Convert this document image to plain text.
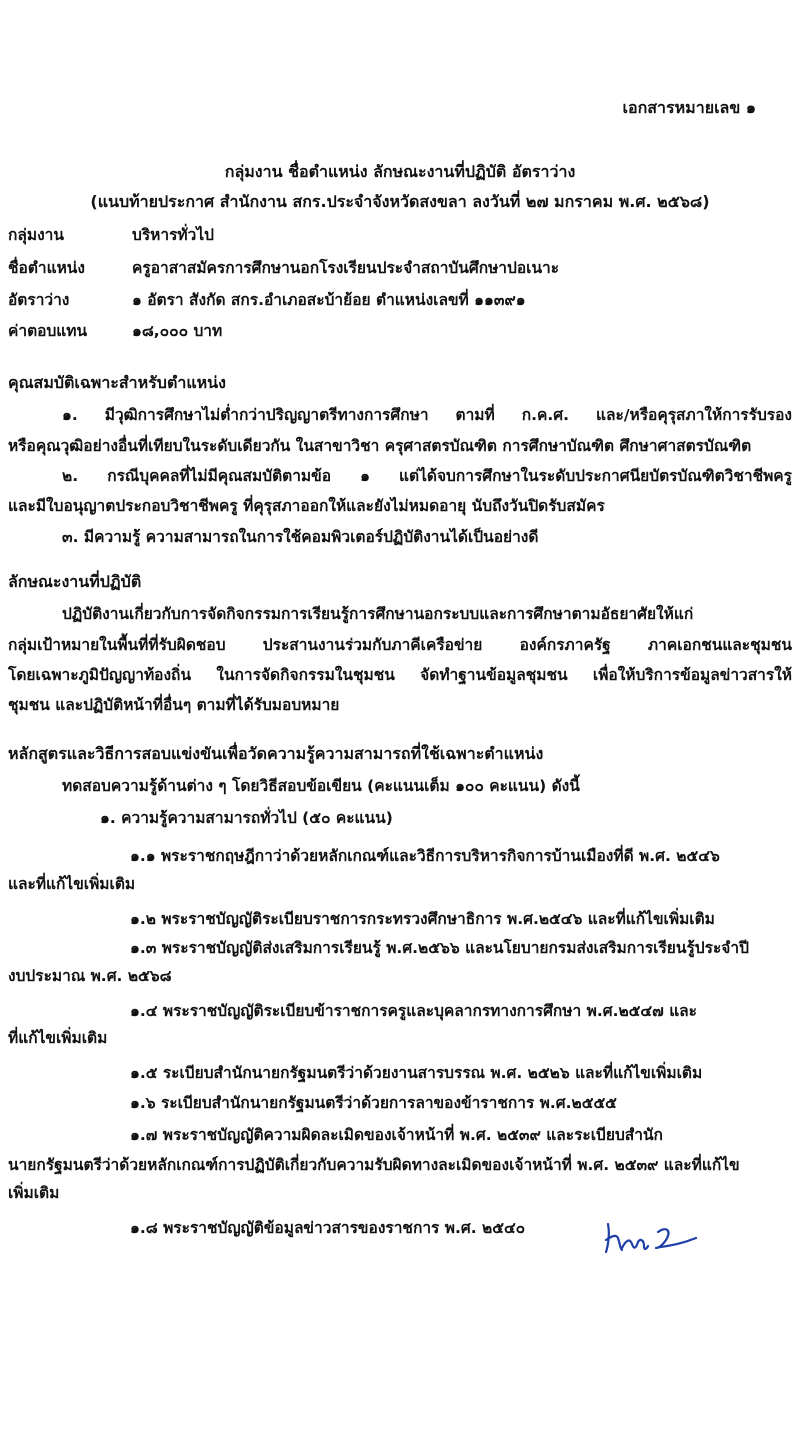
เอกสารหมายเลข ๑
กลุ่มงาน ชื่อตำแหน่ง ลักษณะงานที่ปฏิบัติ อัตราว่าง
(แนบท้ายประกาศ สำนักงาน สกร.ประจำจังหวัดสงขลา ลงวันที่ ๒๗ มกราคม พ.ศ. ๒๕๖๘)
กลุ่มงาน	บริหารทั่วไป
ชื่อตำแหน่ง	ครูอาสาสมัครการศึกษานอกโรงเรียนประจำสถาบันศึกษาปอเนาะ
อัตราว่าง	๑ อัตรา สังกัด สกร.อำเภอสะบ้าย้อย ตำแหน่งเลขที่ ๑๑๓๙๑
ค่าตอบแทน	๑๘,๐๐๐ บาท
คุณสมบัติเฉพาะสำหรับตำแหน่ง
๑. มีวุฒิการศึกษาไม่ต่ำกว่าปริญญาตรีทางการศึกษา ตามที่ ก.ค.ศ. และ/หรือคุรุสภาให้การรับรอง
หรือคุณวุฒิอย่างอื่นที่เทียบในระดับเดียวกัน ในสาขาวิชา ครุศาสตรบัณฑิต การศึกษาบัณฑิต ศึกษาศาสตรบัณฑิต
๒. กรณีบุคคลที่ไม่มีคุณสมบัติตามข้อ ๑ แต่ได้จบการศึกษาในระดับประกาศนียบัตรบัณฑิตวิชาชีพครู
และมีใบอนุญาตประกอบวิชาชีพครู ที่คุรุสภาออกให้และยังไม่หมดอายุ นับถึงวันปิดรับสมัคร
๓. มีความรู้ ความสามารถในการใช้คอมพิวเตอร์ปฏิบัติงานได้เป็นอย่างดี
ลักษณะงานที่ปฏิบัติ
ปฏิบัติงานเกี่ยวกับการจัดกิจกรรมการเรียนรู้การศึกษานอกระบบและการศึกษาตามอัธยาศัยให้แก่
กลุ่มเป้าหมายในพื้นที่ที่รับผิดชอบ ประสานงานร่วมกับภาคีเครือข่าย องค์กรภาครัฐ ภาคเอกชนและชุมชน
โดยเฉพาะภูมิปัญญาท้องถิ่น ในการจัดกิจกรรมในชุมชน จัดทำฐานข้อมูลชุมชน เพื่อให้บริการข้อมูลข่าวสารให้
ชุมชน และปฏิบัติหน้าที่อื่นๆ ตามที่ได้รับมอบหมาย
หลักสูตรและวิธีการสอบแข่งขันเพื่อวัดความรู้ความสามารถที่ใช้เฉพาะตำแหน่ง
ทดสอบความรู้ด้านต่าง ๆ โดยวิธีสอบข้อเขียน (คะแนนเต็ม ๑๐๐ คะแนน) ดังนี้
๑. ความรู้ความสามารถทั่วไป (๕๐ คะแนน)
๑.๑ พระราชกฤษฎีกาว่าด้วยหลักเกณฑ์และวิธีการบริหารกิจการบ้านเมืองที่ดี พ.ศ. ๒๕๔๖
และที่แก้ไขเพิ่มเติม
๑.๒ พระราชบัญญัติระเบียบราชการกระทรวงศึกษาธิการ พ.ศ.๒๕๔๖ และที่แก้ไขเพิ่มเติม
๑.๓ พระราชบัญญัติส่งเสริมการเรียนรู้ พ.ศ.๒๕๖๖ และนโยบายกรมส่งเสริมการเรียนรู้ประจำปี
งบประมาณ พ.ศ. ๒๕๖๘
๑.๔ พระราชบัญญัติระเบียบข้าราชการครูและบุคลากรทางการศึกษา พ.ศ.๒๕๔๗ และ
ที่แก้ไขเพิ่มเติม
๑.๕ ระเบียบสำนักนายกรัฐมนตรีว่าด้วยงานสารบรรณ พ.ศ. ๒๕๒๖ และที่แก้ไขเพิ่มเติม
๑.๖ ระเบียบสำนักนายกรัฐมนตรีว่าด้วยการลาของข้าราชการ พ.ศ.๒๕๕๕
๑.๗ พระราชบัญญัติความผิดละเมิดของเจ้าหน้าที่ พ.ศ. ๒๕๓๙ และระเบียบสำนัก
นายกรัฐมนตรีว่าด้วยหลักเกณฑ์การปฏิบัติเกี่ยวกับความรับผิดทางละเมิดของเจ้าหน้าที่ พ.ศ. ๒๕๓๙ และที่แก้ไข
เพิ่มเติม
๑.๘ พระราชบัญญัติข้อมูลข่าวสารของราชการ พ.ศ. ๒๕๔๐
